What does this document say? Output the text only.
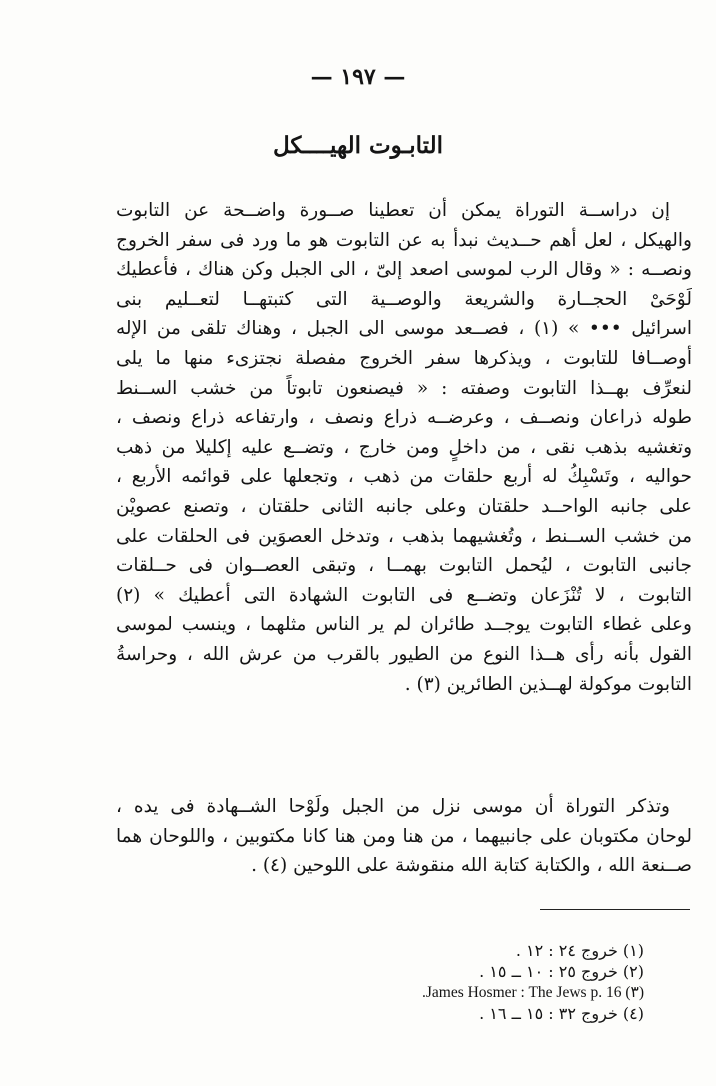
— ١٩٧ —
التابـوت الهيــــكل
إن دراســة التوراة يمكن أن تعطينا صــورة واضــحة عن التابوت
والهيكل ، لعل أهم حــديث نبدأ به عن التابوت هو ما ورد فى سفر الخروج
ونصــه : « وقال الرب لموسى اصعد إلىّ ، الى الجبل وكن هناك ، فأعطيك
لَوْحَىْ الحجــارة والشريعة والوصــية التى كتبتهــا لتعــليم بنى
اسرائيل ••• » (١) ، فصــعد موسى الى الجبل ، وهناك تلقى من الإله
أوصــافا للتابوت ، ويذكرها سفر الخروج مفصلة نجتزىء منها ما يلى
لنعرِّف بهــذا التابوت وصفته : « فيصنعون تابوتاً من خشب الســنط
طوله ذراعان ونصــف ، وعرضــه ذراع ونصف ، وارتفاعه ذراع ونصف ،
وتغشيه بذهب نقى ، من داخلٍ ومن خارج ، وتضــع عليه إكليلا من ذهب
حواليه ، وتَسْبِكُ له أربع حلقات من ذهب ، وتجعلها على قوائمه الأربع ،
على جانبه الواحــد حلقتان وعلى جانبه الثانى حلقتان ، وتصنع عصويْن
من خشب الســنط ، وتُغشيهما بذهب ، وتدخل العصوَين فى الحلقات على
جانبى التابوت ، ليُحمل التابوت بهمــا ، وتبقى العصــوان فى حــلقات
التابوت ، لا تُنْزَعان وتضــع فى التابوت الشهادة التى أعطيك » (٢)
وعلى غطاء التابوت يوجــد طائران لم ير الناس مثلهما ، وينسب لموسى
القول بأنه رأى هــذا النوع من الطيور بالقرب من عرش الله ، وحراسةُ
التابوت موكولة لهــذين الطائرين (٣) .
وتذكر التوراة أن موسى نزل من الجبل ولَوْحا الشــهادة فى يده ،
لوحان مكتوبان على جانبيهما ، من هنا ومن هنا كانا مكتوبين ، واللوحان هما
صــنعة الله ، والكتابة كتابة الله منقوشة على اللوحين (٤) .
(١) خروج ٢٤ : ١٢ .
(٢) خروج ٢٥ : ١٠ ــ ١٥ .
(٣) James Hosmer : The Jews p. 16.
(٤) خروج ٣٢ : ١٥ ــ ١٦ .
